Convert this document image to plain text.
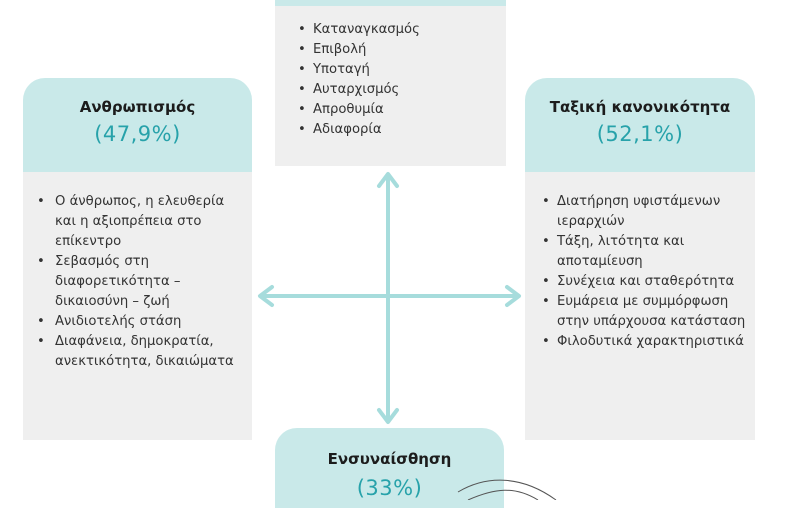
• Καταναγκασμός
• Επιβολή
• Υποταγή
• Αυταρχισμός
• Απροθυμία
• Αδιαφορία
Ανθρωπισμός
(47,9%)
• Ο άνθρωπος, η ελευθερία και η αξιοπρέπεια στο επίκεντρο
• Σεβασμός στη διαφορετικότητα – δικαιοσύνη – ζωή
• Ανιδιοτελής στάση
• Διαφάνεια, δημοκρατία, ανεκτικότητα, δικαιώματα
Ταξική κανονικότητα
(52,1%)
• Διατήρηση υφιστάμενων ιεραρχιών
• Τάξη, λιτότητα και αποταμίευση
• Συνέχεια και σταθερότητα
• Ευμάρεια με συμμόρφωση στην υπάρχουσα κατάσταση
• Φιλοδυτικά χαρακτηριστικά
Ενσυναίσθηση
(33%)
